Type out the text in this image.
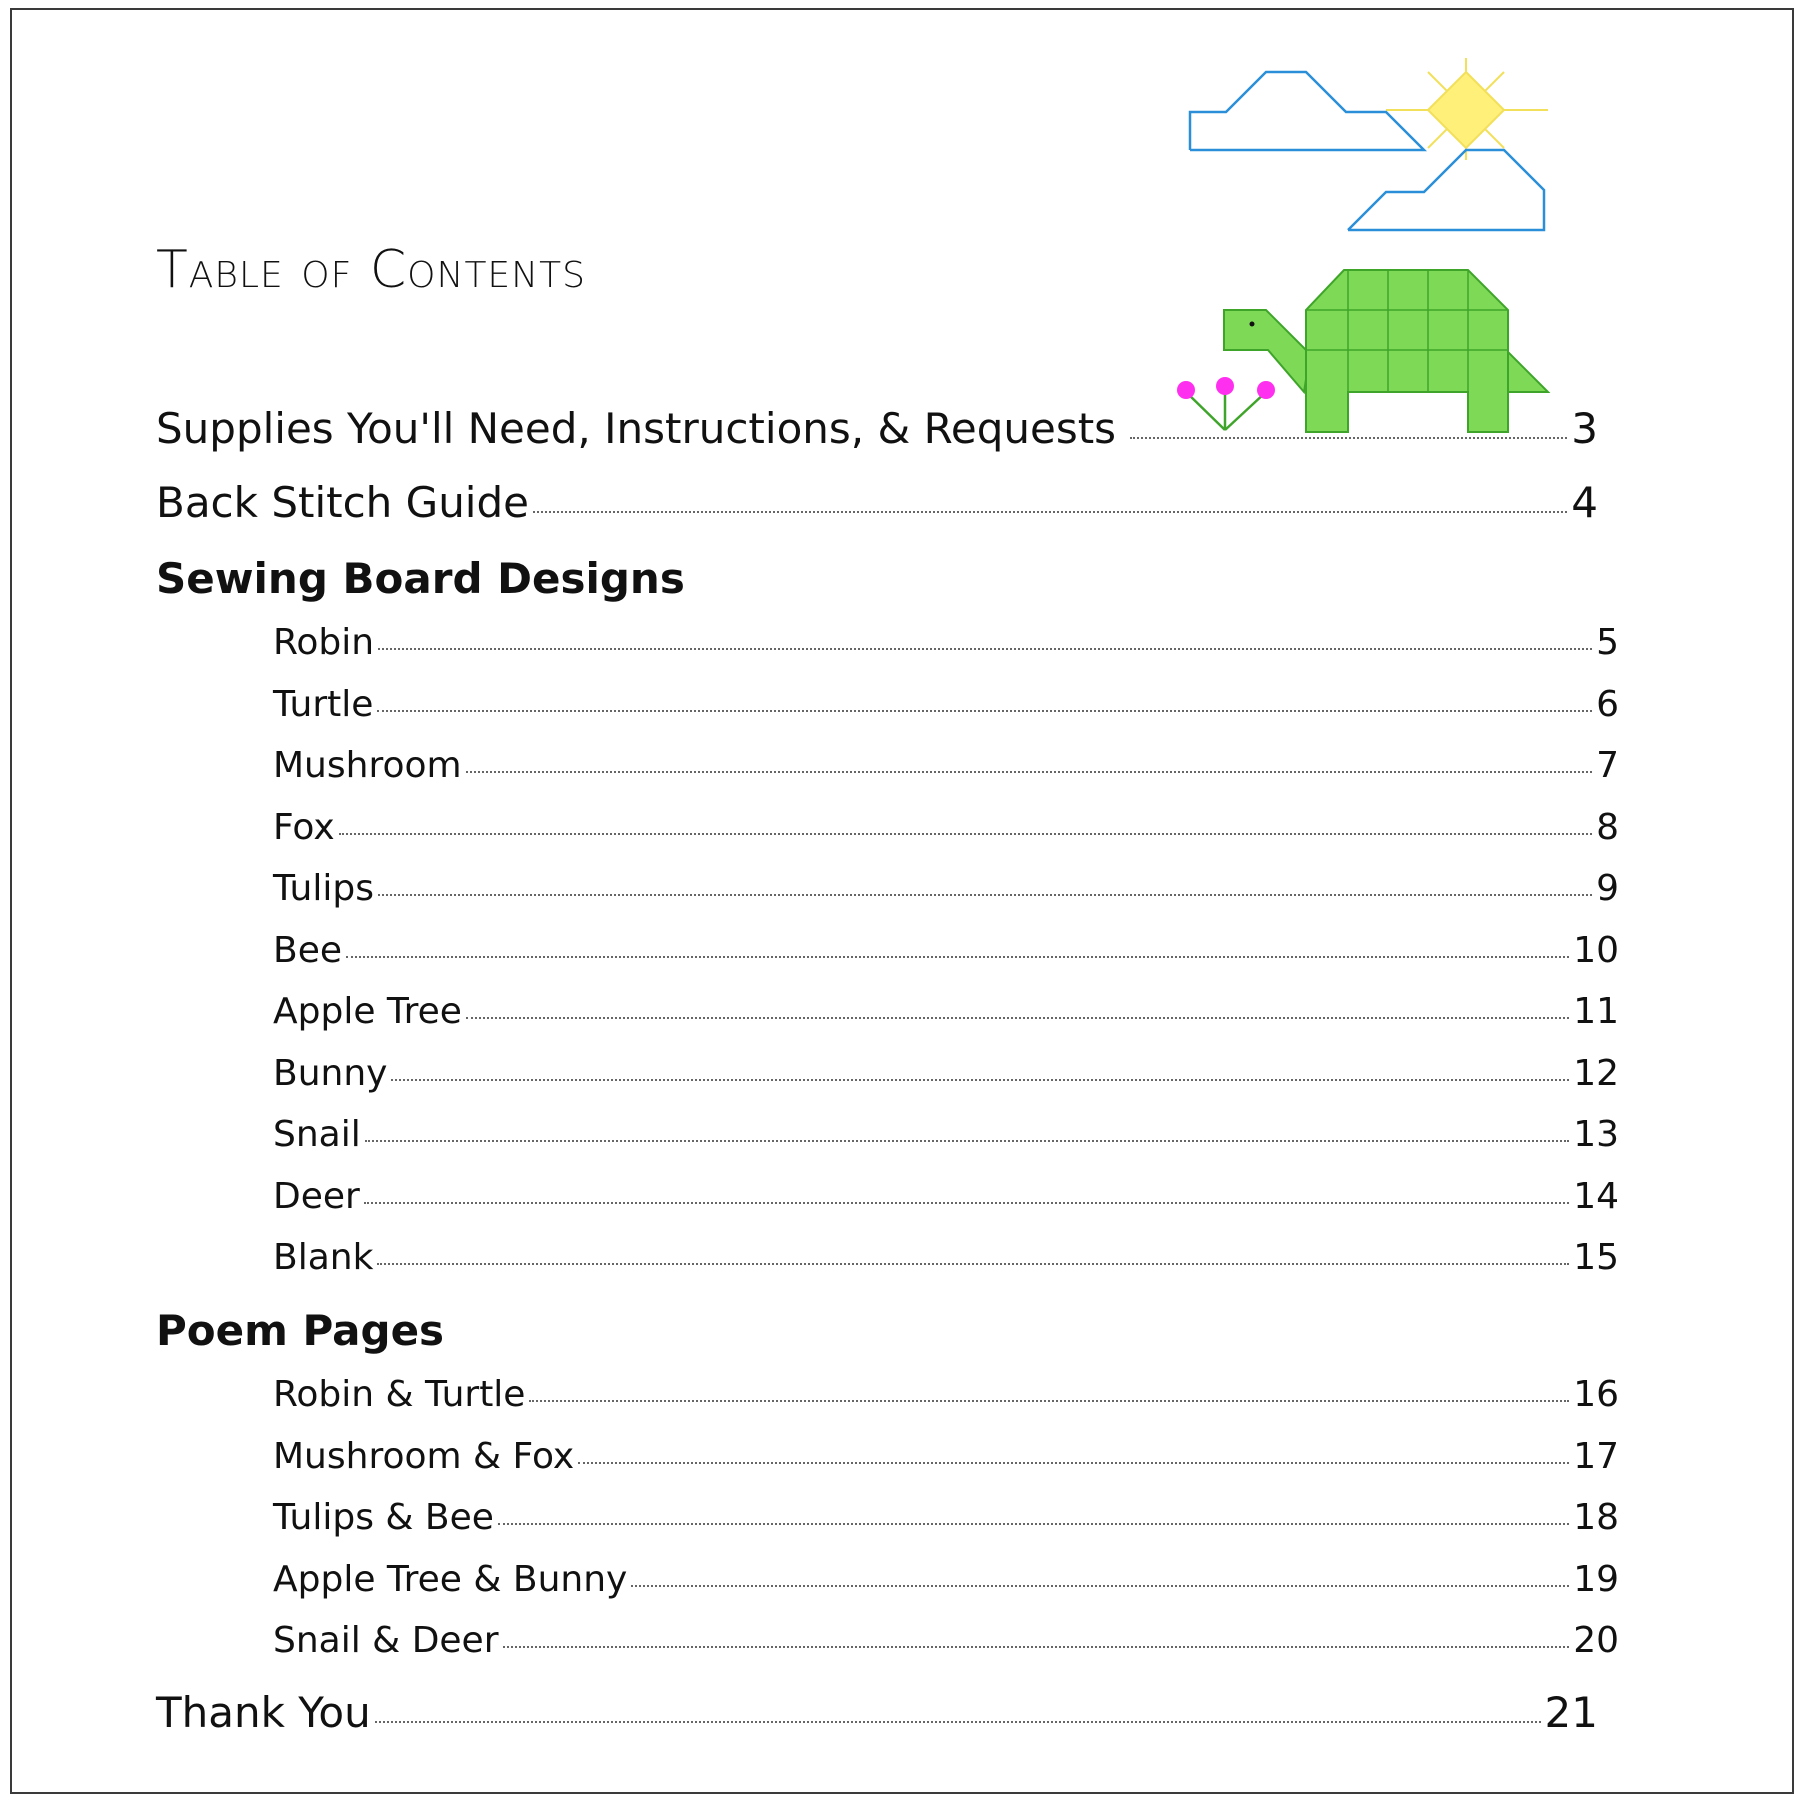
Table of Contents
Supplies You'll Need, Instructions, & Requests	3
Back Stitch Guide	4
Sewing Board Designs
Robin	5
Turtle	6
Mushroom	7
Fox	8
Tulips	9
Bee	10
Apple Tree	11
Bunny	12
Snail	13
Deer	14
Blank	15
Poem Pages
Robin & Turtle	16
Mushroom & Fox	17
Tulips & Bee	18
Apple Tree & Bunny	19
Snail & Deer	20
Thank You	21
